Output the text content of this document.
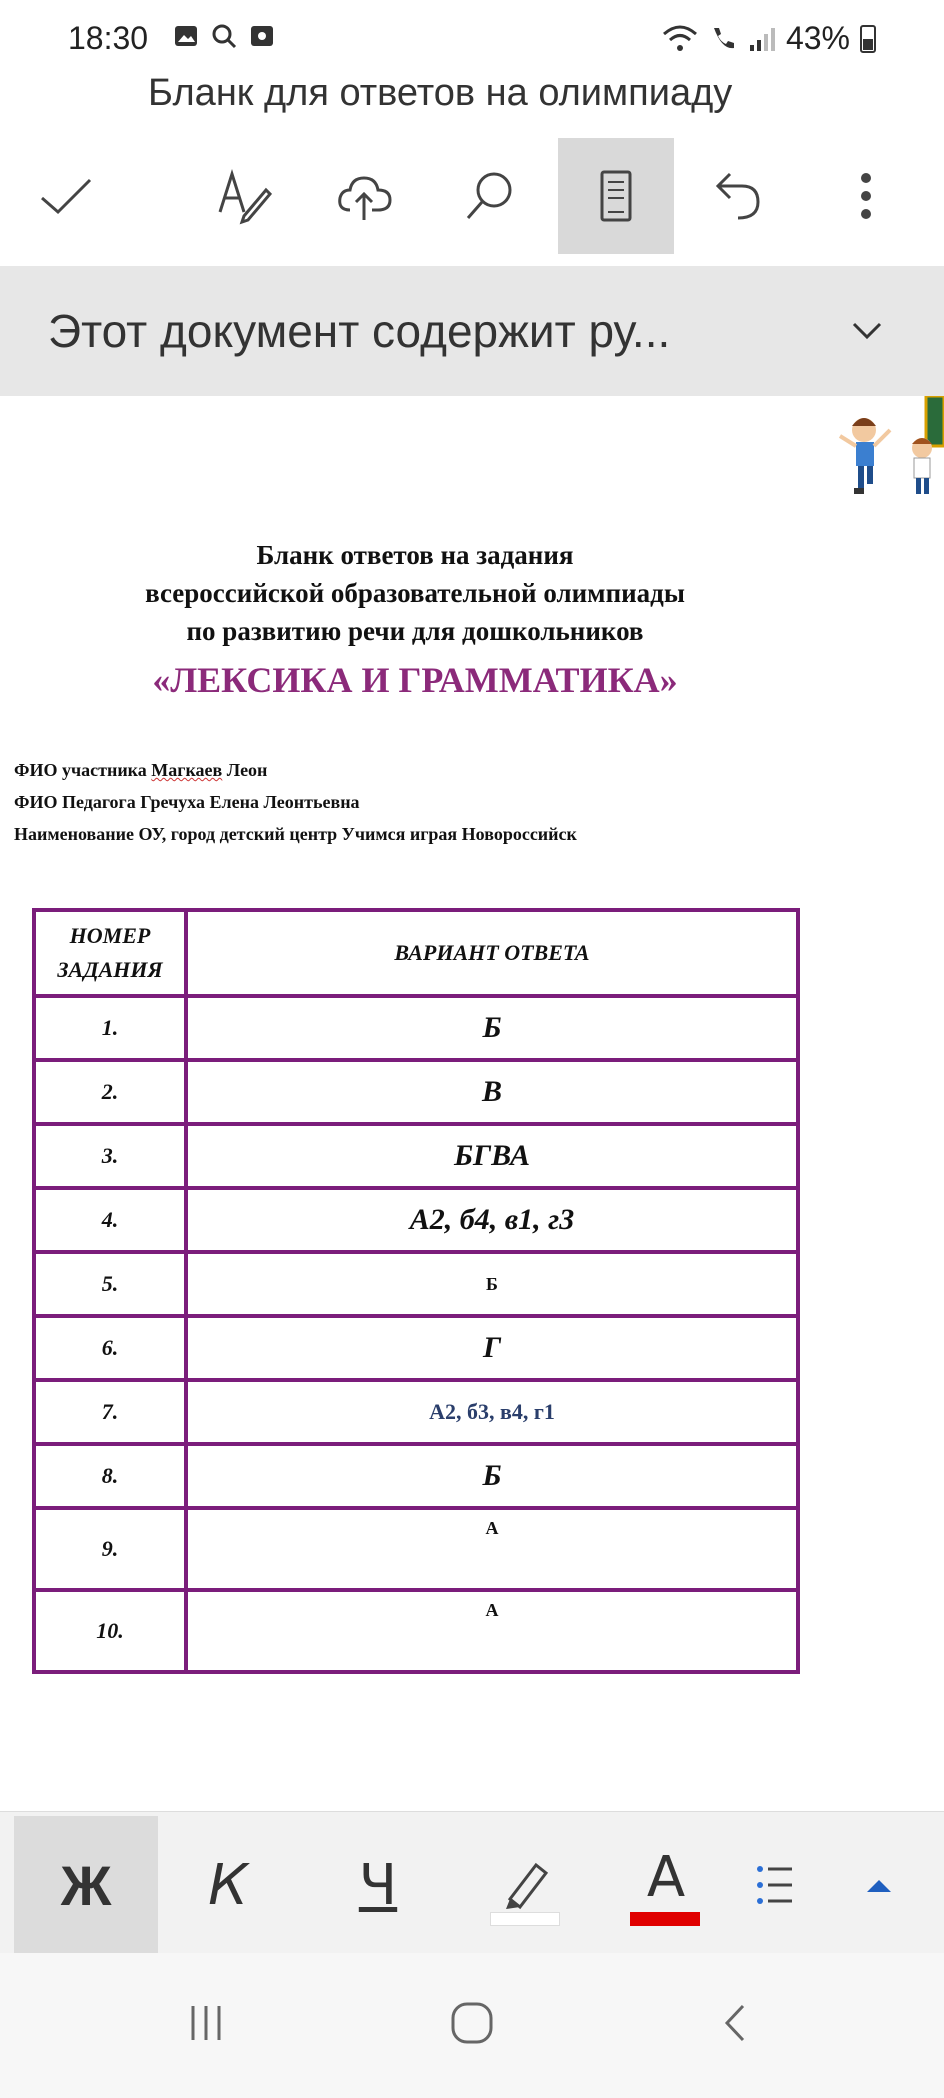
18:30	43%
Бланк для ответов на олимпиаду
Этот документ содержит ру...
Бланк ответов на задания
всероссийской образовательной олимпиады
по развитию речи для дошкольников
«ЛЕКСИКА И ГРАММАТИКА»
ФИО участника Магкаев Леон
ФИО Педагога Гречуха Елена Леонтьевна
Наименование ОУ, город детский центр Учимся играя Новороссийск
НОМЕР
ЗАДАНИЯ	ВАРИАНТ ОТВЕТА
1.	Б
2.	В
3.	БГВА
4.	А2, б4, в1, г3
5.	Б
6.	Г
7.	А2, б3, в4, г1
8.	Б
9.	А
10.	А
Ж	К	Ч	А
